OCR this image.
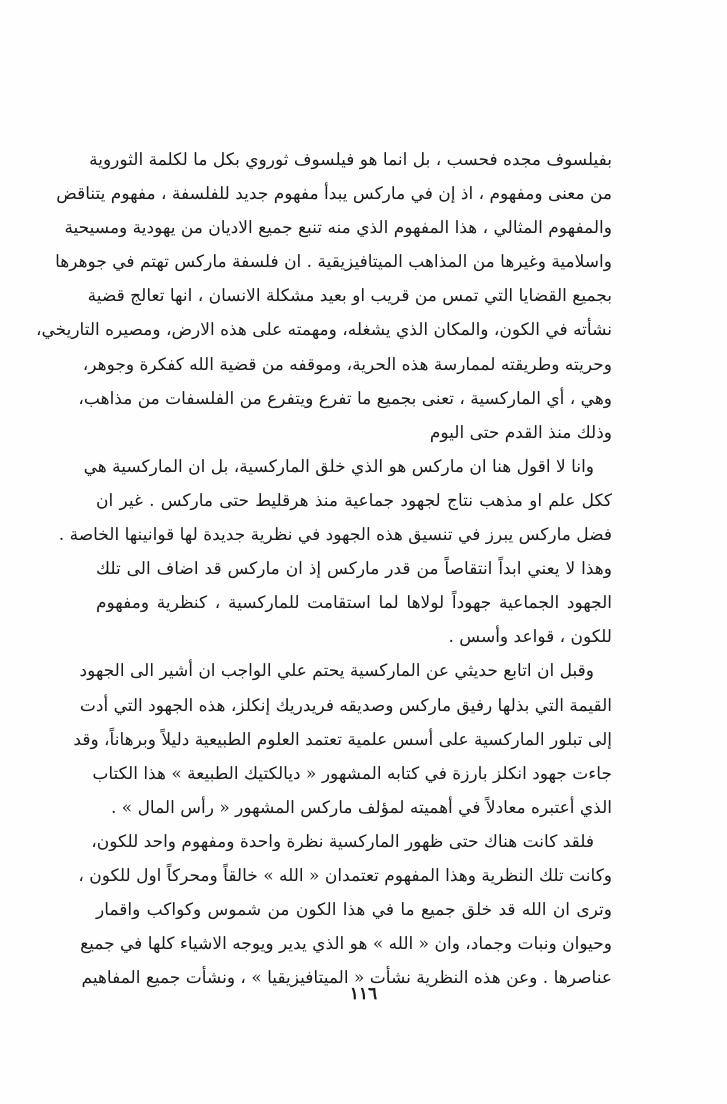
بفيلسوف مجده فحسب ، بل انما هو فيلسوف ثوروي بكل ما لكلمة الثوروية
من معنى ومفهوم ، اذ إن في ماركس يبدأ مفهوم جديد للفلسفة ، مفهوم يتناقض
والمفهوم المثالي ، هذا المفهوم الذي منه تنبع جميع الاديان من يهودية ومسيحية
واسلامية وغيرها من المذاهب الميتافيزيقية . ان فلسفة ماركس تهتم في جوهرها
بجميع القضايا التي تمس من قريب او بعيد مشكلة الانسان ، انها تعالج قضية
نشأته في الكون، والمكان الذي يشغله، ومهمته على هذه الارض، ومصيره التاريخي،
وحريته وطريقته لممارسة هذه الحرية، وموقفه من قضية الله كفكرة وجوهر،
وهي ، أي الماركسية ، تعنى بجميع ما تفرع ويتفرع من الفلسفات من مذاهب،
وذلك منذ القدم حتى اليوم
وانا لا اقول هنا ان ماركس هو الذي خلق الماركسية، بل ان الماركسية هي
ككل علم او مذهب نتاج لجهود جماعية منذ هرقليط حتى ماركس . غير ان
فضل ماركس يبرز في تنسيق هذه الجهود في نظرية جديدة لها قوانينها الخاصة .
وهذا لا يعني ابداً انتقاصاً من قدر ماركس إذ ان ماركس قد اضاف الى تلك
الجهود الجماعية جهوداً لولاها لما استقامت للماركسية ، كنظرية ومفهوم
للكون ، قواعد وأسس .
وقبل ان اتابع حديثي عن الماركسية يحتم علي الواجب ان أشير الى الجهود
القيمة التي بذلها رفيق ماركس وصديقه فريدريك إنكلز، هذه الجهود التي أدت
إلى تبلور الماركسية على أسس علمية تعتمد العلوم الطبيعية دليلاً وبرهاناً، وقد
جاءت جهود انكلز بارزة في كتابه المشهور « ديالكتيك الطبيعة » هذا الكتاب
الذي أعتبره معادلاً في أهميته لمؤلف ماركس المشهور « رأس المال » .
فلقد كانت هناك حتى ظهور الماركسية نظرة واحدة ومفهوم واحد للكون،
وكانت تلك النظرية وهذا المفهوم تعتمدان « الله » خالقاً ومحركاً اول للكون ،
وترى ان الله قد خلق جميع ما في هذا الكون من شموس وكواكب واقمار
وحيوان ونبات وجماد، وان « الله » هو الذي يدير ويوجه الاشياء كلها في جميع
عناصرها . وعن هذه النظرية نشأت « الميتافيزيقيا » ، ونشأت جميع المفاهيم
١١٦
